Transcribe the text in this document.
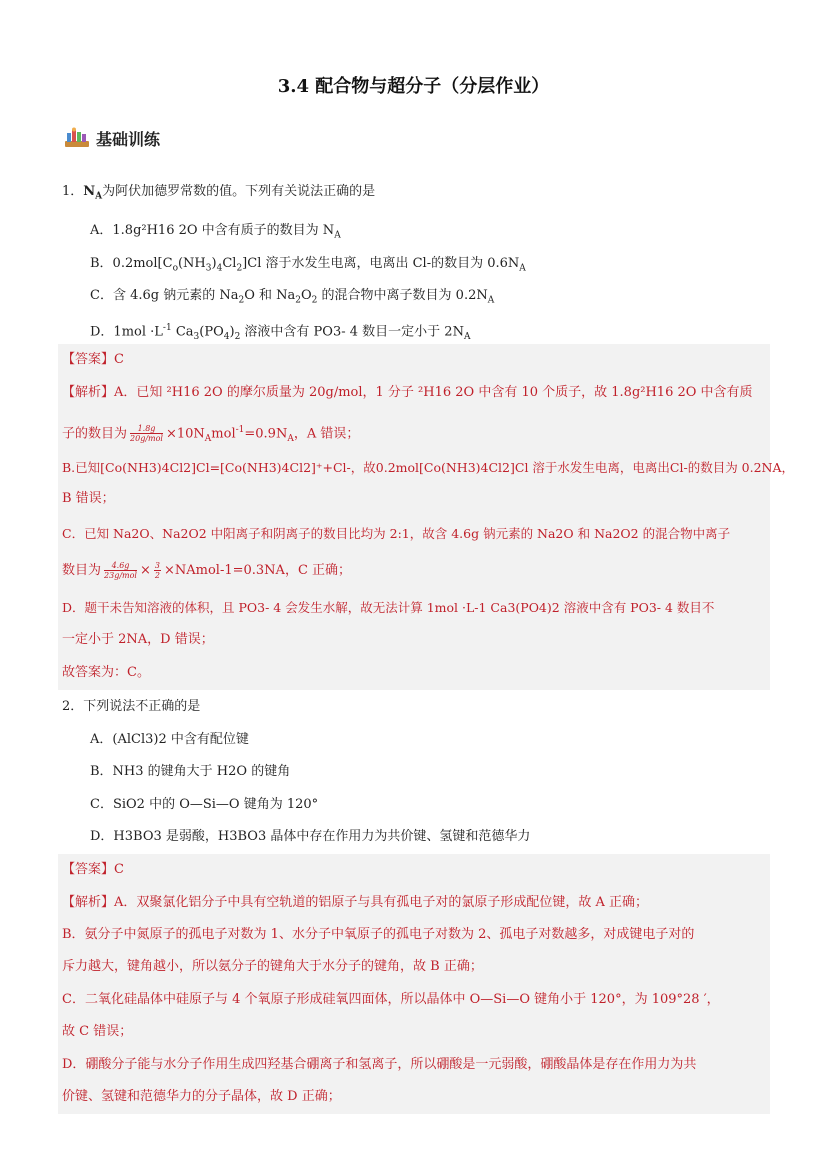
3.4 配合物与超分子（分层作业）
基础训练
1．$N_A$为阿伏加德罗常数的值。下列有关说法正确的是
A．1.8g²H16 2O 中含有质子的数目为 $N_A$
B．$0.2mol[C_o(NH_3)_4Cl_2]Cl$ 溶于水发生电离，电离出 Cl-的数目为 $0.6N_A$
C．含 4.6g 钠元素的 $Na_2O$ 和 $Na_2O_2$ 的混合物中离子数目为 $0.2N_A$
D．$1mol \cdot L^{-1}$ $Ca_3(PO_4)_2$ 溶液中含有 PO3- 4 数目一定小于 $2N_A$
【答案】C
【解析】A．已知 ²H16 2O 的摩尔质量为 20g/mol，1 分子 ²H16 2O 中含有 10 个质子，故 1.8g²H16 2O 中含有质
子的数目为 $\frac{1.8g}{\text{20g/mol}} \times 10N_Amol^{-1}=0.9N_A$，A 错误；
B.已知[Co(NH3)4Cl2]Cl=[Co(NH3)4Cl2]⁺+Cl-，故0.2mol[Co(NH3)4Cl2]Cl 溶于水发生电离，电离出Cl-的数目为 0.2NA，
B 错误；
C．已知 Na2O、Na2O2 中阳离子和阴离子的数目比均为 2:1，故含 4.6g 钠元素的 Na2O 和 Na2O2 的混合物中离子
数目为 $\frac{4.6g}{\text{23g/mol}} \times \frac{3}{2}$ ×NAmol-1=0.3NA，C 正确；
D．题干未告知溶液的体积，且 PO3- 4 会发生水解，故无法计算 1mol ·L-1 Ca3(PO4)2 溶液中含有 PO3- 4 数目不
一定小于 2NA，D 错误；
故答案为：C。
2．下列说法不正确的是
A．(AlCl3)2 中含有配位键
B．NH3 的键角大于 H2O 的键角
C．SiO2 中的 O—Si—O 键角为 120°
D．H3BO3 是弱酸，H3BO3 晶体中存在作用力为共价键、氢键和范德华力
【答案】C
【解析】A．双聚氯化铝分子中具有空轨道的铝原子与具有孤电子对的氯原子形成配位键，故 A 正确；
B．氨分子中氮原子的孤电子对数为 1、水分子中氧原子的孤电子对数为 2、孤电子对数越多，对成键电子对的
斥力越大，键角越小，所以氨分子的键角大于水分子的键角，故 B 正确；
C．二氧化硅晶体中硅原子与 4 个氧原子形成硅氧四面体，所以晶体中 O—Si—O 键角小于 120°，为 109°28 ′，
故 C 错误；
D．硼酸分子能与水分子作用生成四羟基合硼离子和氢离子，所以硼酸是一元弱酸，硼酸晶体是存在作用力为共
价键、氢键和范德华力的分子晶体，故 D 正确；
